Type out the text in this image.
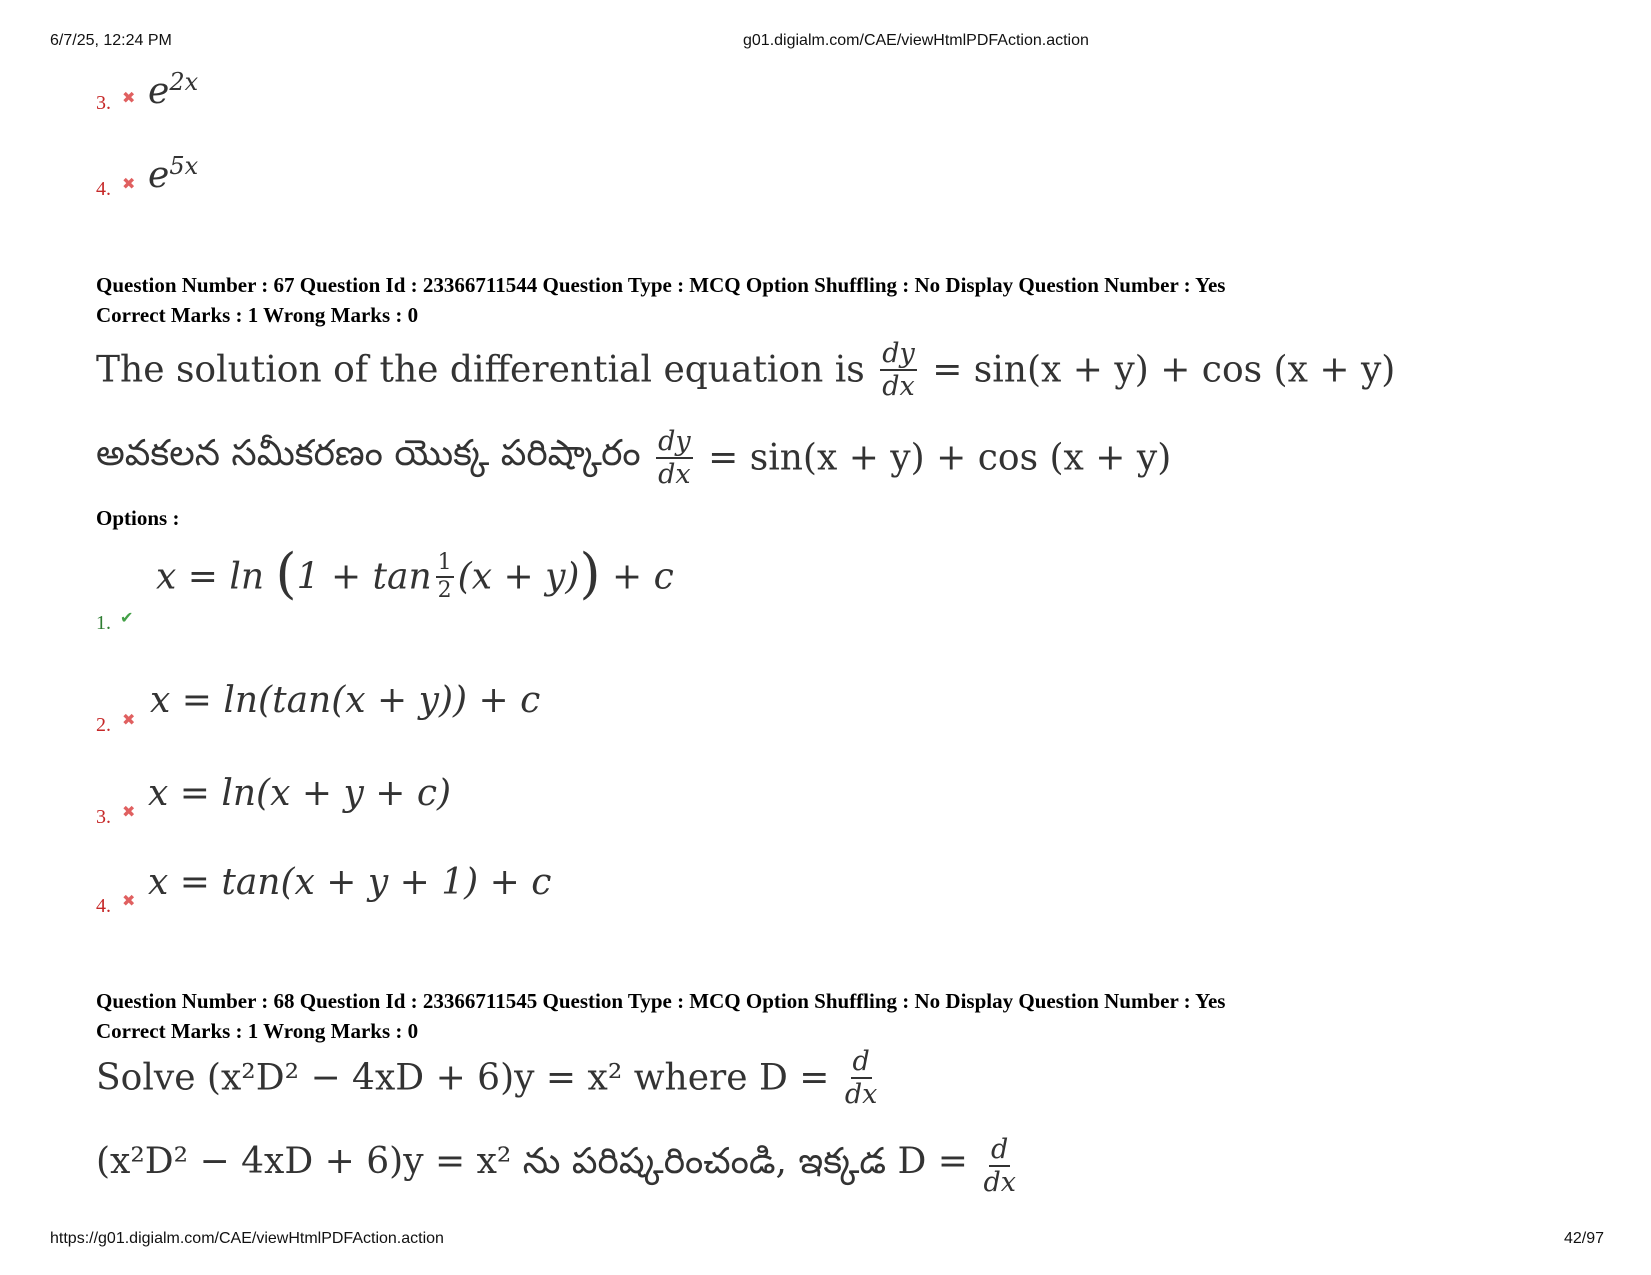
6/7/25, 12:24 PM	g01.digialm.com/CAE/viewHtmlPDFAction.action
3. ✖ $e^{2x}$
4. ✖ $e^{5x}$
Question Number : 67 Question Id : 23366711544 Question Type : MCQ Option Shuffling : No Display Question Number : Yes
Correct Marks : 1 Wrong Marks : 0
The solution of the differential equation is $\frac{dy}{dx} = \sin(x + y) + \cos (x + y)$
అవకలన సమీకరణం యొక్క పరిష్కారం $\frac{dy}{dx} = \sin(x + y) + \cos (x + y)$
Options :
1. ✔
$x = \ln (1 + \tan \frac{1}{2} (x + y)) + c$
2. ✖ x = ln(tan(x + y)) + c
3. ✖ x = ln(x + y + c)
4. ✖ x = tan(x + y + 1) + c
Question Number : 68 Question Id : 23366711545 Question Type : MCQ Option Shuffling : No Display Question Number : Yes
Correct Marks : 1 Wrong Marks : 0
Solve (x²D² − 4xD + 6)y = x² where $D = \frac{d}{dx}$
(x²D² − 4xD + 6)y = x² ను పరిష్కరించండి, ఇక్కడ $D = \frac{d}{dx}$
https://g01.digialm.com/CAE/viewHtmlPDFAction.action	42/97
